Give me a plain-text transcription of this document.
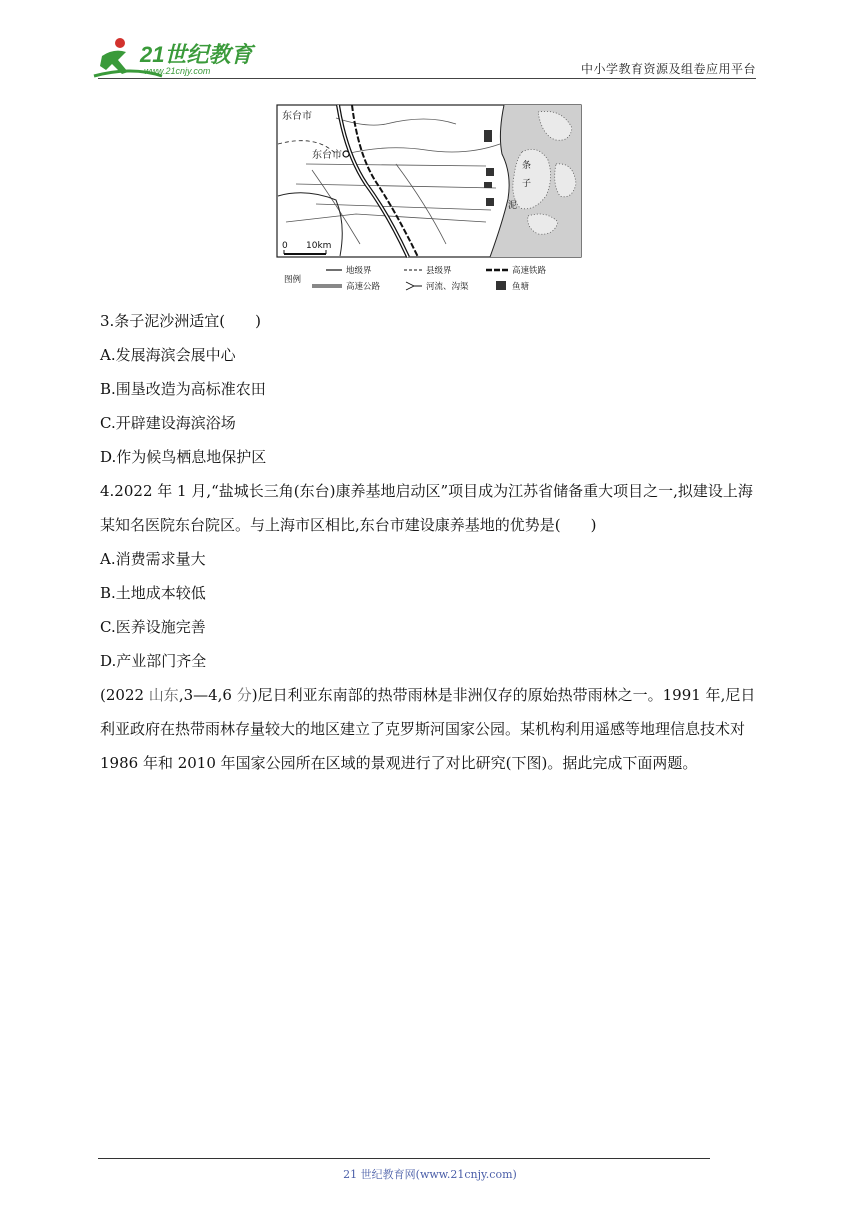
21世纪教育
www.21cnjy.com	中小学教育资源及组卷应用平台
东台市
东台市
条
子
泥
0 10km
图例
地级界	县级界	高速铁路
高速公路	河流、沟渠	鱼塘

3.条子泥沙洲适宜(　　)

A.发展海滨会展中心

B.围垦改造为高标准农田

C.开辟建设海滨浴场

D.作为候鸟栖息地保护区

4.2022 年 1 月,“盐城长三角(东台)康养基地启动区”项目成为江苏省储备重大项目之一,拟建设上海某知名医院东台院区。与上海市区相比,东台市建设康养基地的优势是(　　)

A.消费需求量大

B.土地成本较低

C.医养设施完善

D.产业部门齐全

(2022 山东,3—4,6 分)尼日利亚东南部的热带雨林是非洲仅存的原始热带雨林之一。1991 年,尼日利亚政府在热带雨林存量较大的地区建立了克罗斯河国家公园。某机构利用遥感等地理信息技术对 1986 年和 2010 年国家公园所在区域的景观进行了对比研究(下图)。据此完成下面两题。

21 世纪教育网(www.21cnjy.com)
